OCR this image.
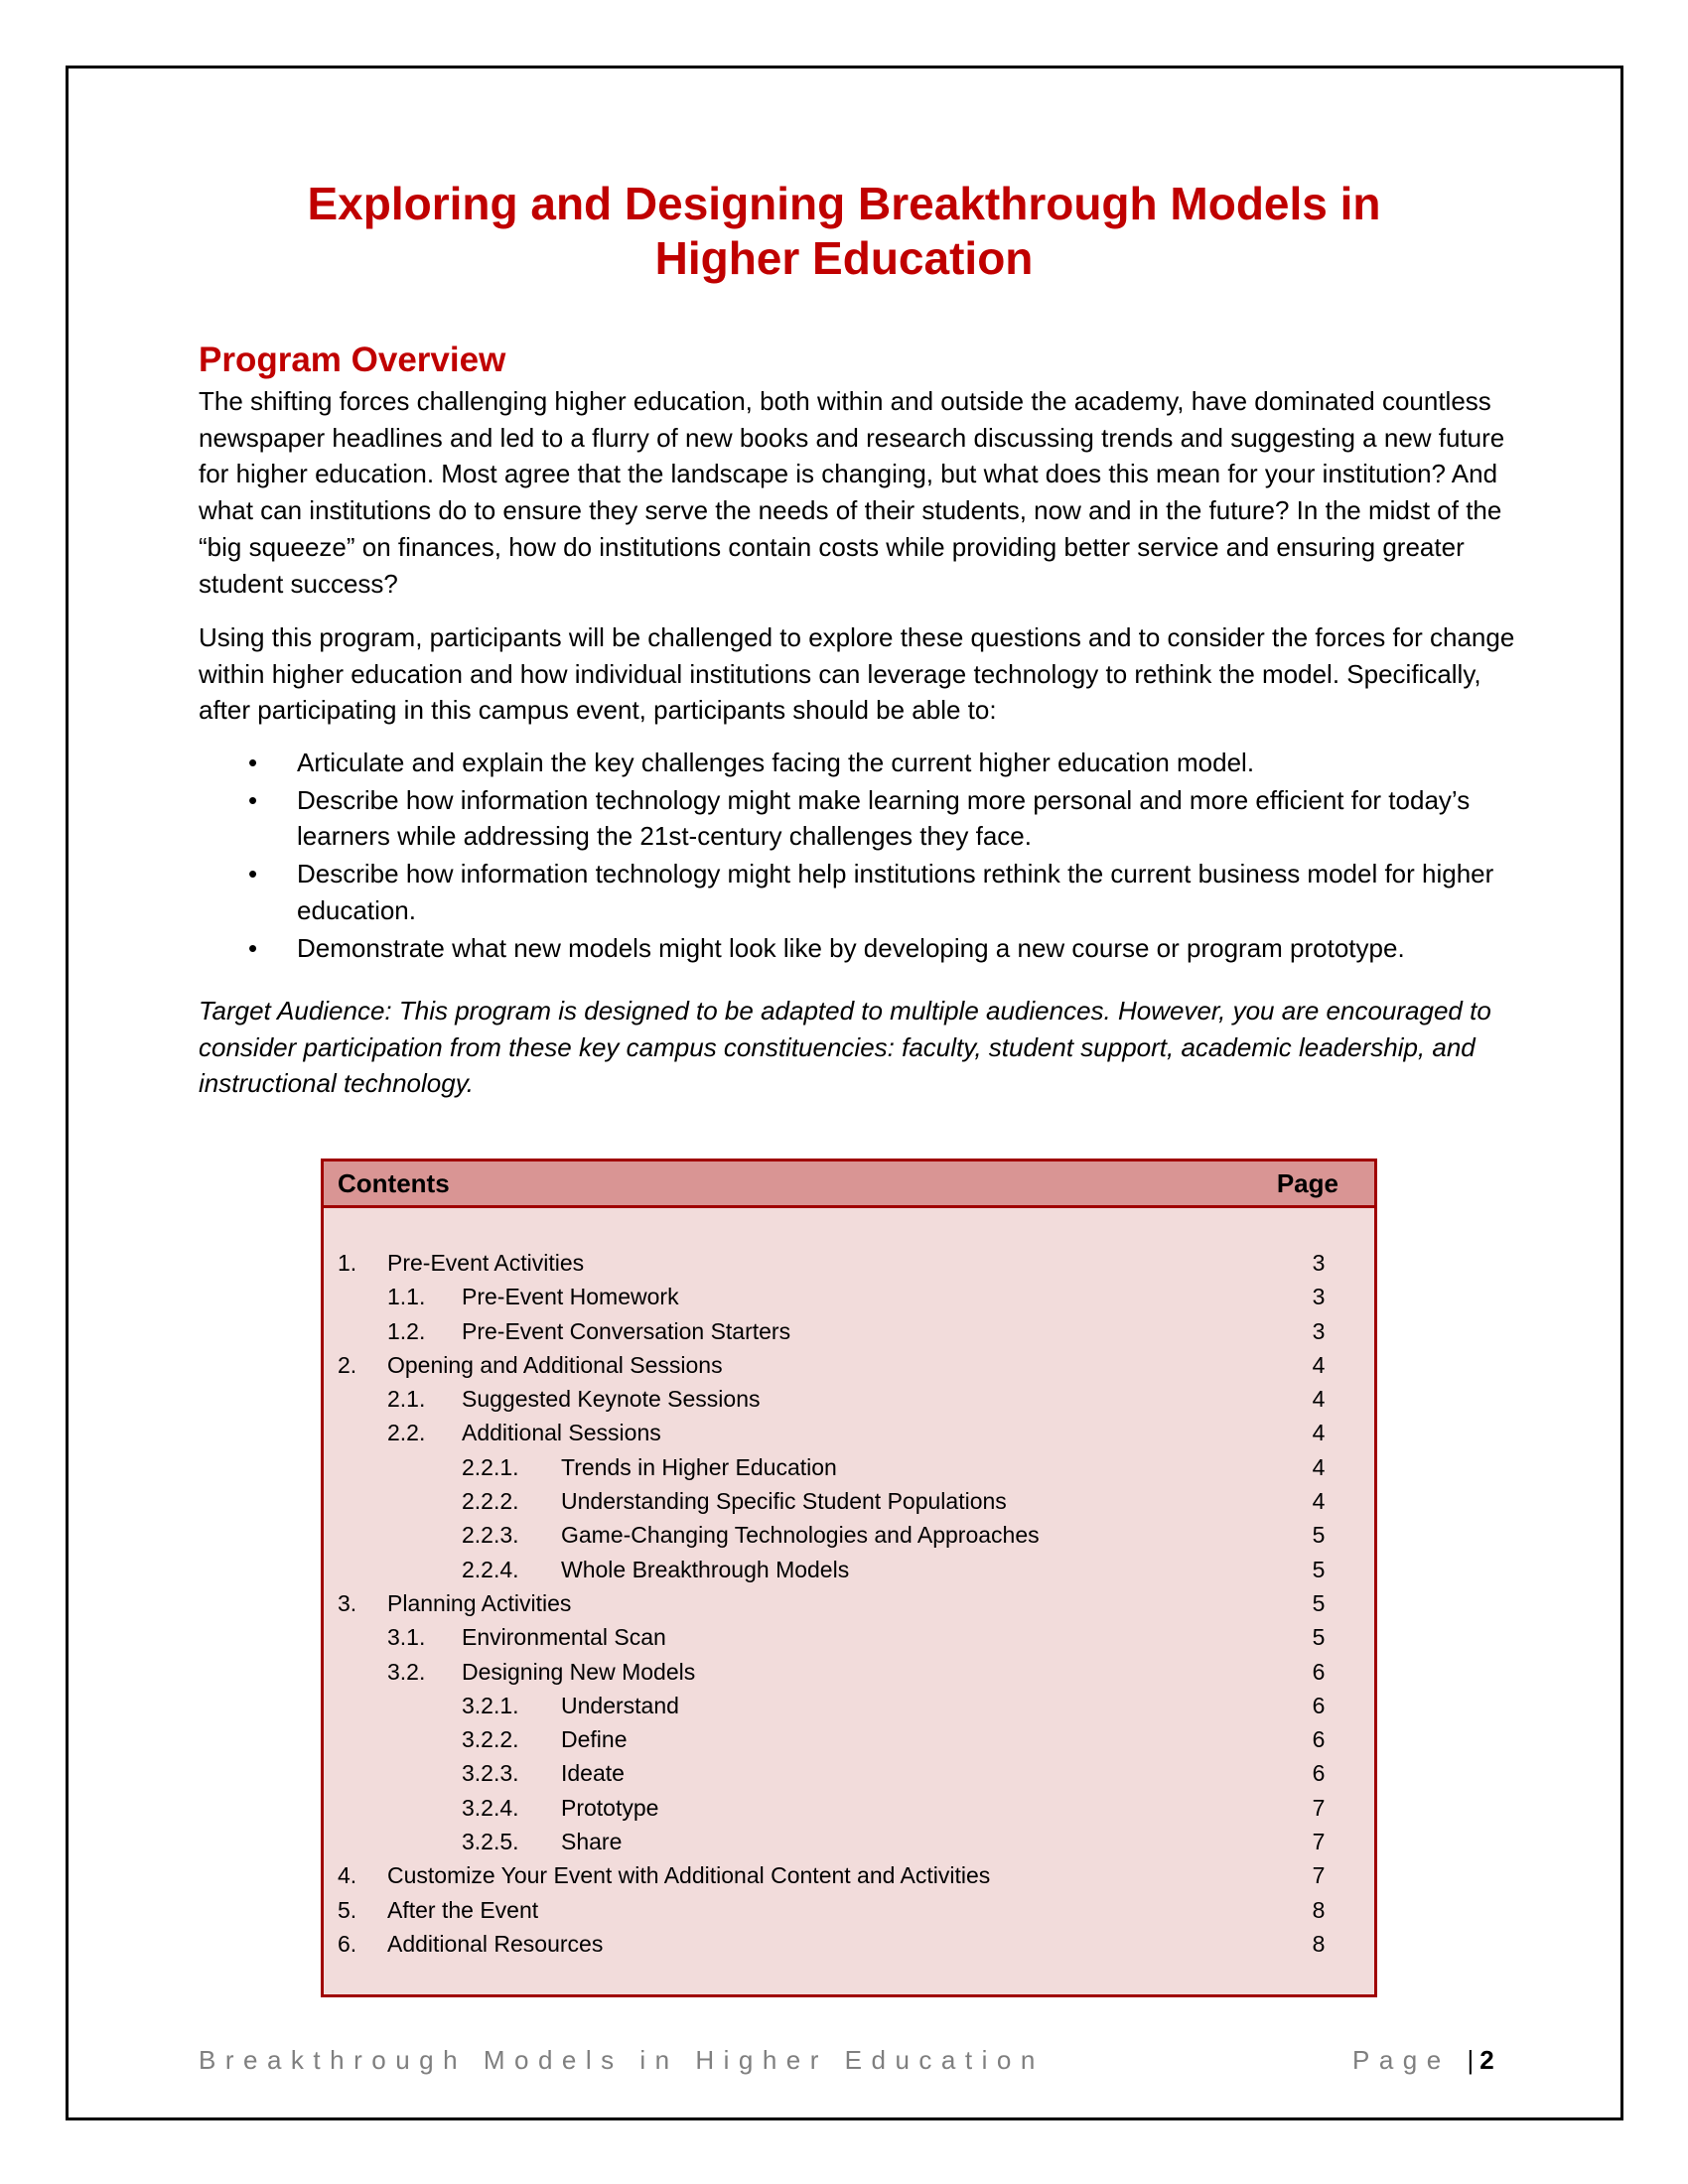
Exploring and Designing Breakthrough Models in
Higher Education
Program Overview

The shifting forces challenging higher education, both within and outside the academy, have dominated countless newspaper headlines and led to a flurry of new books and research discussing trends and suggesting a new future for higher education. Most agree that the landscape is changing, but what does this mean for your institution? And what can institutions do to ensure they serve the needs of their students, now and in the future? In the midst of the “big squeeze” on finances, how do institutions contain costs while providing better service and ensuring greater student success?

Using this program, participants will be challenged to explore these questions and to consider the forces for change within higher education and how individual institutions can leverage technology to rethink the model. Specifically, after participating in this campus event, participants should be able to:

• Articulate and explain the key challenges facing the current higher education model.
• Describe how information technology might make learning more personal and more efficient for today’s learners while addressing the 21st-century challenges they face.
• Describe how information technology might help institutions rethink the current business model for higher education.
• Demonstrate what new models might look like by developing a new course or program prototype.

Target Audience: This program is designed to be adapted to multiple audiences. However, you are encouraged to consider participation from these key campus constituencies: faculty, student support, academic leadership, and instructional technology.

Contents	Page
1. Pre-Event Activities	3
1.1. Pre-Event Homework	3
1.2. Pre-Event Conversation Starters	3
2. Opening and Additional Sessions	4
2.1. Suggested Keynote Sessions	4
2.2. Additional Sessions	4
2.2.1. Trends in Higher Education	4
2.2.2. Understanding Specific Student Populations	4
2.2.3. Game-Changing Technologies and Approaches	5
2.2.4. Whole Breakthrough Models	5
3. Planning Activities	5
3.1. Environmental Scan	5
3.2. Designing New Models	6
3.2.1. Understand	6
3.2.2. Define	6
3.2.3. Ideate	6
3.2.4. Prototype	7
3.2.5. Share	7
4. Customize Your Event with Additional Content and Activities	7
5. After the Event	8
6. Additional Resources	8
Breakthrough Models in Higher Education	Page | 2
